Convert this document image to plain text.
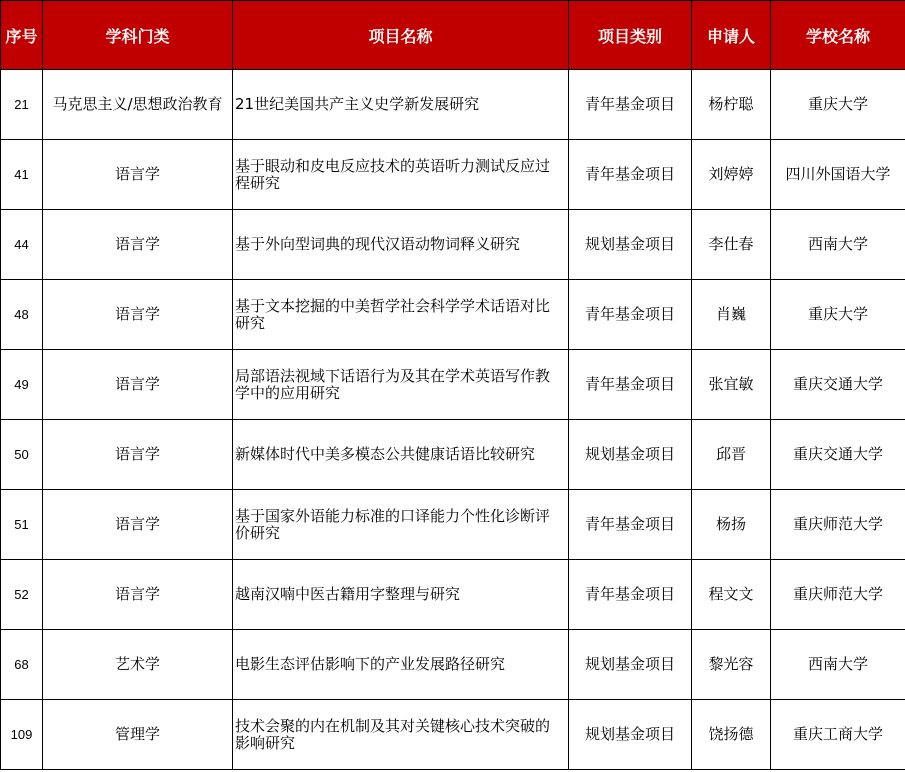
序号	学科门类	项目名称	项目类别	申请人	学校名称
21	马克思主义/思想政治教育	21世纪美国共产主义史学新发展研究	青年基金项目	杨柠聪	重庆大学
41	语言学	基于眼动和皮电反应技术的英语听力测试反应过程研究	青年基金项目	刘婷婷	四川外国语大学
44	语言学	基于外向型词典的现代汉语动物词释义研究	规划基金项目	李仕春	西南大学
48	语言学	基于文本挖掘的中美哲学社会科学学术话语对比研究	青年基金项目	肖巍	重庆大学
49	语言学	局部语法视域下话语行为及其在学术英语写作教学中的应用研究	青年基金项目	张宜敏	重庆交通大学
50	语言学	新媒体时代中美多模态公共健康话语比较研究	规划基金项目	邱晋	重庆交通大学
51	语言学	基于国家外语能力标准的口译能力个性化诊断评价研究	青年基金项目	杨扬	重庆师范大学
52	语言学	越南汉喃中医古籍用字整理与研究	青年基金项目	程文文	重庆师范大学
68	艺术学	电影生态评估影响下的产业发展路径研究	规划基金项目	黎光容	西南大学
109	管理学	技术会聚的内在机制及其对关键核心技术突破的影响研究	规划基金项目	饶扬德	重庆工商大学
